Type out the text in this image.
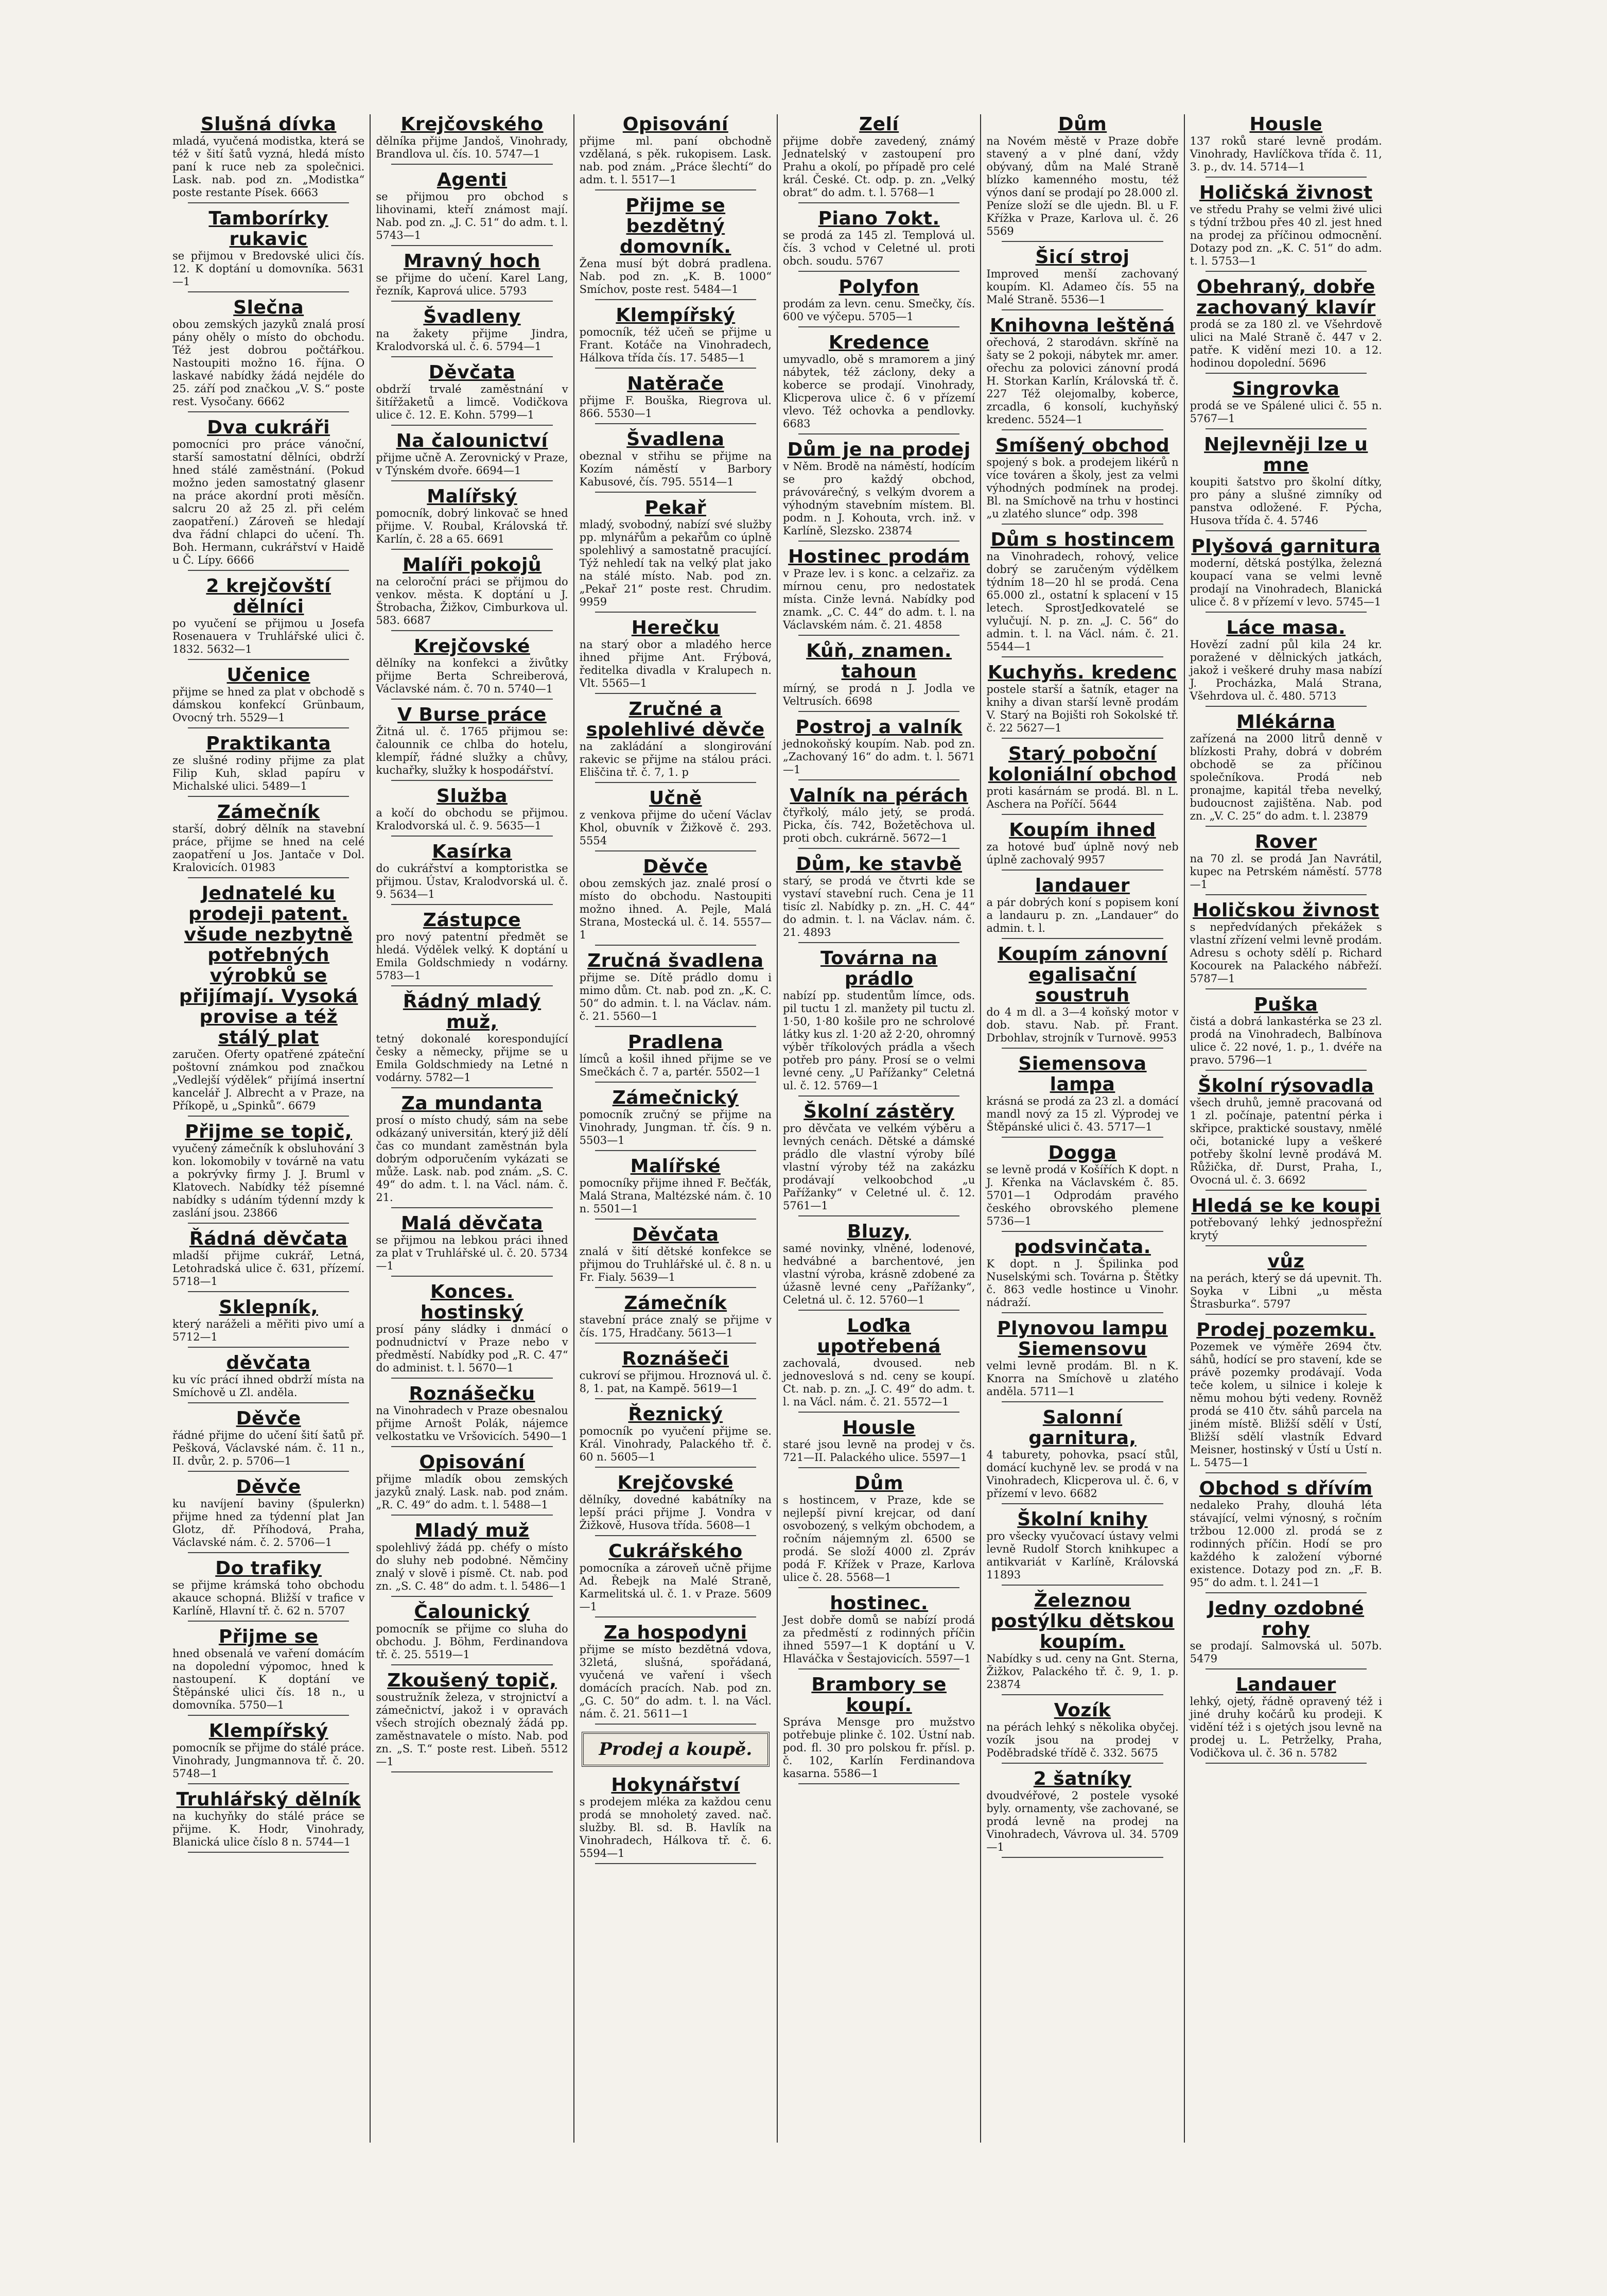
Slušná dívka
mladá, vyučená modistka, která se též v šití šatů vyzná, hledá místo paní k ruce neb za společnici. Lask. nab. pod zn. „Modistka“ poste restante Písek. 6663
Tamborírky rukavic
se přijmou v Bredovské ulici čís. 12. K doptání u domovníka. 5631—1
Slečna
obou zemských jazyků znalá prosí pány ohěly o místo do obchodu. Též jest dobrou počtářkou. Nastoupiti možno 16. října. O laskavé nabídky žádá nejdéle do 25. září pod značkou „V. S.“ poste rest. Vysočany. 6662
Dva cukráři
pomocníci pro práce vánoční, starší samostatní dělníci, obdrží hned stálé zaměstnání. (Pokud možno jeden samostatný glasenr na práce akordní proti měsíčn. salcru 20 až 25 zl. při celém zaopatření.) Zároveň se hledají dva řádní chlapci do učení. Th. Boh. Hermann, cukrářství v Haidě u Č. Lípy. 6666
2 krejčovští dělníci
po vyučení se přijmou u Josefa Rosenauera v Truhlářské ulici č. 1832. 5632—1
Učenice
přijme se hned za plat v obchodě s dámskou konfekcí Grünbaum, Ovocný trh. 5529—1
Praktikanta
ze slušné rodiny přijme za plat Filip Kuh, sklad papíru v Michalské ulici. 5489—1
Zámečník
starší, dobrý dělník na stavební práce, přijme se hned na celé zaopatření u Jos. Jantače v Dol. Kralovicích. 01983
Jednatelé ku prodeji patent. všude nezbytně potřebných výrobků se přijímají. Vysoká provise a též stálý plat
zaručen. Oferty opatřené zpáteční poštovní známkou pod značkou „Vedlejší výdělek“ přijímá insertní kancelář J. Albrecht a v Praze, na Příkopě, u „Spinků“. 6679
Přijme se topič,
vyučený zámečník k obsluhování 3 kon. lokomobily v továrně na vatu a pokrývky firmy J. J. Bruml v Klatovech. Nabídky též písemné nabídky s udáním týdenní mzdy k zaslání jsou. 23866
Řádná děvčata
mladší přijme cukrář, Letná, Letohradská ulice č. 631, přízemí. 5718—1
Sklepník,
který naráželi a měřiti pivo umí a 5712—1
děvčata
ku víc prácí ihned obdrží místa na Smíchově u Zl. anděla.
Děvče
řádné přijme do učení šití šatů př. Pešková, Václavské nám. č. 11 n., II. dvůr, 2. p. 5706—1
Děvče
ku navíjení baviny (špulerkn) přijme hned za týdenní plat Jan Glotz, dř. Příhodová, Praha, Václavské nám. č. 2. 5706—1
Do trafiky
se přijme krámská toho obchodu akauce schopná. Bližší v trafice v Karlíně, Hlavní tř. č. 62 n. 5707
Přijme se
hned obsenalá ve vaření domácím na dopolední výpomoc, hned k nastoupení. K doptání ve Štěpánské ulici čís. 18 n., u domovníka. 5750—1
Klempířský
pomocník se přijme do stálé práce. Vinohrady, Jungmannova tř. č. 20. 5748—1
Truhlářský dělník
na kuchyňky do stálé práce se přijme. K. Hodr, Vinohrady, Blanická ulice číslo 8 n. 5744—1
Krejčovského
dělníka přijme Jandoš, Vinohrady, Brandlova ul. čís. 10. 5747—1
Agenti
se přijmou pro obchod s lihovinami, kteří známost mají. Nab. pod zn. „J. C. 51“ do adm. t. l. 5743—1
Mravný hoch
se přijme do učení. Karel Lang, řezník, Kaprová ulice. 5793
Švadleny
na žakety přijme Jindra, Kralodvorská ul. č. 6. 5794—1
Děvčata
obdrží trvalé zaměstnání v šitířžaketů a limcě. Vodičkova ulice č. 12. E. Kohn. 5799—1
Na čalounictví
přijme učně A. Zerovnický v Praze, v Týnském dvoře. 6694—1
Malířský
pomocník, dobrý linkovač se hned přijme. V. Roubal, Královská tř. Karlín, č. 28 a 65. 6691
Malíři pokojů
na celoroční práci se přijmou do venkov. města. K doptání u J. Štrobacha, Žižkov, Cimburkova ul. 583. 6687
Krejčovské
dělníky na konfekci a živůtky přijme Berta Schreiberová, Václavské nám. č. 70 n. 5740—1
V Burse práce
Žitná ul. č. 1765 přijmou se: čalounnik ce chlba do hotelu, klempíř, řádné služky a chůvy, kuchařky, služky k hospodářství.
Služba
a kočí do obchodu se přijmou. Kralodvorská ul. č. 9. 5635—1
Kasírka
do cukrářství a komptoristka se přijmou. Ústav, Kralodvorská ul. č. 9. 5634—1
Zástupce
pro nový patentní předmět se hledá. Výdělek velký. K doptání u Emila Goldschmiedy n vodárny. 5783—1
Řádný mladý muž,
tetný dokonalé korespondující česky a německy, přijme se u Emila Goldschmiedy na Letné n vodárny. 5782—1
Za mundanta
prosí o místo chudý, sám na sebe odkázaný universitán, který již dělí čas co mundant zaměstnán byla dobrým odporučením vykázati se může. Lask. nab. pod znám. „S. C. 49“ do adm. t. l. na Václ. nám. č. 21.
Malá děvčata
se přijmou na lebkou práci ihned za plat v Truhlářské ul. č. 20. 5734—1
Konces. hostinský
prosí pány sládky i dnmácí o podnudnictví v Praze nebo v předměstí. Nabídky pod „R. C. 47“ do administ. t. l. 5670—1
Roznášečku
na Vinohradech v Praze obesnalou přijme Arnošt Polák, nájemce velkostatku ve Vršovicích. 5490—1
Opisování
přijme mladík obou zemských jazyků znalý. Lask. nab. pod znám. „R. C. 49“ do adm. t. l. 5488—1
Mladý muž
spolehlivý žádá pp. chéfy o místo do sluhy neb podobné. Němčiny znalý v slově i písmě. Ct. nab. pod zn. „S. C. 48“ do adm. t. l. 5486—1
Čalounický
pomocník se přijme co sluha do obchodu. J. Böhm, Ferdinandova tř. č. 25. 5519—1
Zkoušený topič,
soustružník železa, v strojnictví a zámečnictví, jakož i v opravách všech strojích obeznalý žádá pp. zaměstnavatele o místo. Nab. pod zn. „S. T.“ poste rest. Libeň. 5512—1
Opisování
přijme ml. paní obchodně vzdělaná, s pěk. rukopisem. Lask. nab. pod znám. „Práce šlechtí“ do adm. t. l. 5517—1
Přijme se bezdětný domovník.
Žena musí být dobrá pradlena. Nab. pod zn. „K. B. 1000“ Smíchov, poste rest. 5484—1
Klempířský
pomocník, též učeň se přijme u Frant. Kotáče na Vinohradech, Hálkova třída čís. 17. 5485—1
Natěrače
přijme F. Bouška, Riegrova ul. 866. 5530—1
Švadlena
obeznal v střihu se přijme na Kozím náměstí v Barbory Kabusové, čís. 795. 5514—1
Pekař
mladý, svobodný, nabízí své služby pp. mlynářům a pekařům co úplně spolehlivý a samostatně pracující. Týž nehledí tak na velký plat jako na stálé místo. Nab. pod zn. „Pekař 21“ poste rest. Chrudim. 9959
Herečku
na starý obor a mladého herce ihned přijme Ant. Frýbová, ředitelka divadla v Kralupech n. Vlt. 5565—1
Zručné a spolehlivé děvče
na zakládání a slongirování rakevic se přijme na stálou práci. Eliščina tř. č. 7, 1. p
Učně
z venkova přijme do učení Václav Khol, obuvník v Žižkově č. 293. 5554
Děvče
obou zemských jaz. znalé prosí o místo do obchodu. Nastoupiti možno ihned. A. Pejle, Malá Strana, Mostecká ul. č. 14. 5557—1
Zručná švadlena
přijme se. Dítě prádlo domu i mimo dům. Ct. nab. pod zn. „K. C. 50“ do admin. t. l. na Václav. nám. č. 21. 5560—1
Pradlena
límců a košil ihned přijme se ve Smečkách č. 7 a, partér. 5502—1
Zámečnický
pomocník zručný se přijme na Vinohrady, Jungman. tř. čís. 9 n. 5503—1
Malířské
pomocníky přijme ihned F. Bečťák, Malá Strana, Maltézské nám. č. 10 n. 5501—1
Děvčata
znalá v šití dětské konfekce se přijmou do Truhlářské ul. č. 8 n. u Fr. Fialy. 5639—1
Zámečník
stavební práce znalý se přijme v čís. 175, Hradčany. 5613—1
Roznášeči
cukroví se přijmou. Hroznová ul. č. 8, 1. pat, na Kampě. 5619—1
Řeznický
pomocník po vyučení přijme se. Král. Vinohrady, Palackého tř. č. 60 n. 5605—1
Krejčovské
dělníky, dovedné kabátníky na lepší práci přijme J. Vondra v Žižkově, Husova třída. 5608—1
Cukrářského
pomocníka a zároveň učně přijme Ad. Řebejk na Malé Straně, Karmelitská ul. č. 1. v Praze. 5609—1
Za hospodyni
přijme se místo bezdětná vdova, 32letá, slušná, spořádaná, vyučená ve vaření i všech domácích pracích. Nab. pod zn. „G. C. 50“ do adm. t. l. na Václ. nám. č. 21. 5611—1
Prodej a koupě.
Hokynářství
s prodejem mléka za každou cenu prodá se mnoholetý zaved. nač. služby. Bl. sd. B. Havlík na Vinohradech, Hálkova tř. č. 6. 5594—1
Zelí
přijme dobře zavedený, známý Jednatelský v zastoupení pro Prahu a okolí, po případě pro celé král. České. Ct. odp. p. zn. „Velký obrat“ do adm. t. l. 5768—1
Piano 7okt.
se prodá za 145 zl. Templová ul. čís. 3 vchod v Celetné ul. proti obch. soudu. 5767
Polyfon
prodám za levn. cenu. Smečky, čís. 600 ve výčepu. 5705—1
Kredence
umyvadlo, obě s mramorem a jiný nábytek, též záclony, deky a koberce se prodají. Vinohrady, Klicperova ulice č. 6 v přízemí vlevo. Též ochovka a pendlovky. 6683
Dům je na prodej
v Něm. Brodě na náměstí, hodícím se pro každý obchod, právovárečný, s velkým dvorem a výhodným stavebním místem. Bl. podm. n J. Kohouta, vrch. inž. v Karlíně, Slezsko. 23874
Hostinec prodám
v Praze lev. i s konc. a celzařiz. za mírnou cenu, pro nedostatek místa. Cinže levná. Nabídky pod znamk. „C. C. 44“ do adm. t. l. na Václavském nám. č. 21. 4858
Kůň, znamen. tahoun
mírný, se prodá n J. Jodla ve Veltrusích. 6698
Postroj a valník
jednokoňský koupím. Nab. pod zn. „Zachovaný 16“ do adm. t. l. 5671—1
Valník na pérách
čtyřkolý, málo jetý, se prodá. Picka, čís. 742, Božetěchova ul. proti obch. cukrárně. 5672—1
Dům, ke stavbě
starý, se prodá ve čtvrti kde se vystaví stavební ruch. Cena je 11 tisíc zl. Nabídky p. zn. „H. C. 44“ do admin. t. l. na Václav. nám. č. 21. 4893
Továrna na prádlo
nabízí pp. studentům límce, ods. pil tuctu 1 zl. manžety pil tuctu zl. 1·50, 1·80 košile pro ne schrolové látky kus zl. 1·20 až 2·20, ohromný výběr tříkolových prádla a všech potřeb pro pány. Prosí se o velmi levné ceny. „U Pařížanky“ Celetná ul. č. 12. 5769—1
Školní zástěry
pro děvčata ve velkém výběru a levných cenách. Dětské a dámské prádlo dle vlastní výroby bílé vlastní výroby též na zakázku prodávají velkoobchod „u Pařížanky“ v Celetné ul. č. 12. 5761—1
Bluzy,
samé novinky, vlněné, lodenové, hedvábné a barchentové, jen vlastní výroba, krásně zdobené za úžasně levné ceny „Pařížanky“, Celetná ul. č. 12. 5760—1
Loďka upotřebená
zachovalá, dvoused. neb jednoveslová s nd. ceny se koupí. Ct. nab. p. zn. „J. C. 49“ do adm. t. l. na Václ. nám. č. 21. 5572—1
Housle
staré jsou levně na prodej v čs. 721—II. Palackého ulice. 5597—1
Dům
s hostincem, v Praze, kde se nejlepší pivní krejcar, od daní osvobozený, s velkým obchodem, a ročním nájemným zl. 6500 se prodá. Se složí 4000 zl. Zpráv podá F. Křížek v Praze, Karlova ulice č. 28. 5568—1
hostinec.
Jest dobře domů se nabízí prodá za předměstí z rodinných příčin ihned 5597—1 K doptání u V. Hlaváčka v Šestajovicích. 5597—1
Brambory se koupí.
Správa Mensge pro mužstvo potřebuje plinke č. 102. Ústní nab. pod. fl. 30 pro polskou fr. přísl. p. č. 102, Karlín Ferdinandova kasarna. 5586—1
Dům
na Novém městě v Praze dobře stavený a v plné daní, vždy obývaný, dům na Malé Straně blízko kamenného mostu, též výnos daní se prodají po 28.000 zl. Peníze složí se dle ujedn. Bl. u F. Křížka v Praze, Karlova ul. č. 26 5569
Šicí stroj
Improved menší zachovaný koupím. Kl. Adameo čís. 55 na Malé Straně. 5536—1
Knihovna leštěná
ořechová, 2 starodávn. skříně na šaty se 2 pokoji, nábytek mr. amer. ořechu za polovici zánovní prodá H. Storkan Karlín, Královská tř. č. 227 Též olejomalby, koberce, zrcadla, 6 konsolí, kuchyňský kredenc. 5524—1
Smíšený obchod
spojený s bok. a prodejem likérů n více továren a školy, jest za velmi výhodných podmínek na prodej. Bl. na Smíchově na trhu v hostinci „u zlatého slunce“ odp. 398
Dům s hostincem
na Vinohradech, rohový, velice dobrý se zaručeným výdělkem týdním 18—20 hl se prodá. Cena 65.000 zl., ostatní k splacení v 15 letech. SprostJedkovatelé se vylučují. N. p. zn. „J. C. 56“ do admin. t. l. na Václ. nám. č. 21. 5544—1
Kuchyňs. kredenc
postele starší a šatník, etager na knihy a divan starší levně prodám V. Starý na Bojišti roh Sokolské tř. č. 22 5627—1
Starý poboční koloniální obchod
proti kasárnám se prodá. Bl. n L. Aschera na Poříčí. 5644
Koupím ihned
za hotové buď úplně nový neb úplně zachovalý 9957
landauer
a pár dobrých koní s popisem koní a landauru p. zn. „Landauer“ do admin. t. l.
Koupím zánovní egalisační soustruh
do 4 m dl. a 3—4 koňský motor v dob. stavu. Nab. př. Frant. Drbohlav, strojník v Turnově. 9953
Siemensova lampa
krásná se prodá za 23 zl. a domácí mandl nový za 15 zl. Výprodej ve Štěpánské ulici č. 43. 5717—1
Dogga
se levně prodá v Košířích K dopt. n J. Křenka na Václavském č. 85. 5701—1 Odprodám pravého českého obrovského plemene 5736—1
podsvinčata.
K dopt. n J. Špilinka pod Nuselskými sch. Továrna p. Štětky č. 863 vedle hostince u Vinohr. nádraží.
Plynovou lampu Siemensovu
velmi levně prodám. Bl. n K. Knorra na Smíchově u zlatého anděla. 5711—1
Salonní garnitura,
4 taburety, pohovka, psací stůl, domácí kuchyně lev. se prodá v na Vinohradech, Klicperova ul. č. 6, v přízemí v levo. 6682
Školní knihy
pro všecky vyučovací ústavy velmi levně Rudolf Storch knihkupec a antikvariát v Karlíně, Královská 11893
Železnou postýlku dětskou koupím.
Nabídky s ud. ceny na Gnt. Sterna, Žižkov, Palackého tř. č. 9, 1. p. 23874
Vozík
na pérách lehký s několika obyčej. vozík jsou na prodej v Poděbradské třídě č. 332. 5675
2 šatníky
dvoudvéřové, 2 postele vysoké byly. ornamenty, vše zachované, se prodá levně na prodej na Vinohradech, Vávrova ul. 34. 5709—1
Housle
137 roků staré levně prodám. Vinohrady, Havlíčkova třída č. 11, 3. p., dv. 14. 5714—1
Holičská živnost
ve středu Prahy se velmi živé ulici s týdní tržbou přes 40 zl. jest hned na prodej za příčinou odmocnění. Dotazy pod zn. „K. C. 51“ do adm. t. l. 5753—1
Obehraný, dobře zachovaný klavír
prodá se za 180 zl. ve Všehrdově ulici na Malé Straně č. 447 v 2. patře. K vidění mezi 10. a 12. hodinou dopolední. 5696
Singrovka
prodá se ve Spálené ulici č. 55 n. 5767—1
Nejlevněji lze u mne
koupiti šatstvo pro školní dítky, pro pány a slušné zimníky od panstva odložené. F. Pýcha, Husova třída č. 4. 5746
Plyšová garnitura
moderní, dětská postýlka, železná koupací vana se velmi levně prodají na Vinohradech, Blanická ulice č. 8 v přízemí v levo. 5745—1
Láce masa.
Hovězí zadní půl kila 24 kr. poražené v dělnických jatkách, jakož i veškeré druhy masa nabízí J. Procházka, Malá Strana, Všehrdova ul. č. 480. 5713
Mlékárna
zařízená na 2000 litrů denně v blízkosti Prahy, dobrá v dobrém obchodě se za příčinou společníkova. Prodá neb pronajme, kapitál třeba nevelký, budoucnost zajištěna. Nab. pod zn. „V. C. 25“ do adm. t. l. 23879
Rover
na 70 zl. se prodá Jan Navrátil, kupec na Petrském náměstí. 5778—1
Holičskou živnost
s nepředvídaných překážek s vlastní zřízení velmi levně prodám. Adresu s ochoty sdělí p. Richard Kocourek na Palackého nábřeží. 5787—1
Puška
čistá a dobrá lankastérka se 23 zl. prodá na Vinohradech, Balbínova ulice č. 22 nové, 1. p., 1. dvéře na pravo. 5796—1
Školní rýsovadla
všech druhů, jemně pracovaná od 1 zl. počínaje, patentní pérka i skřipce, praktické soustavy, nmělé oči, botanické lupy a veškeré potřeby školní levně prodává M. Růžička, dř. Durst, Praha, I., Ovocná ul. č. 3. 6692
Hledá se ke koupi
potřebovaný lehký jednospřežní krytý
vůz
na perách, který se dá upevnit. Th. Soyka v Libni „u města Štrasburka“. 5797
Prodej pozemku.
Pozemek ve výměře 2694 čtv. sáhů, hodící se pro stavení, kde se právě pozemky prodávají. Voda teče kolem, u silnice i koleje k němu mohou býti vedeny. Rovněž prodá se 410 čtv. sáhů parcela na jiném místě. Bližší sdělí v Ústí, Bližší sdělí vlastník Edvard Meisner, hostinský v Ústí u Ústí n. L. 5475—1
Obchod s dřívím
nedaleko Prahy, dlouhá léta stávající, velmi výnosný, s ročním tržbou 12.000 zl. prodá se z rodinných příčin. Hodí se pro každého k založení výborné existence. Dotazy pod zn. „F. B. 95“ do adm. t. l. 241—1
Jedny ozdobné rohy
se prodají. Salmovská ul. 507b. 5479
Landauer
lehký, ojetý, řádně opravený též i jiné druhy kočárů ku prodeji. K vidění též i s ojetých jsou levně na prodej u. L. Petrželky, Praha, Vodičkova ul. č. 36 n. 5782
